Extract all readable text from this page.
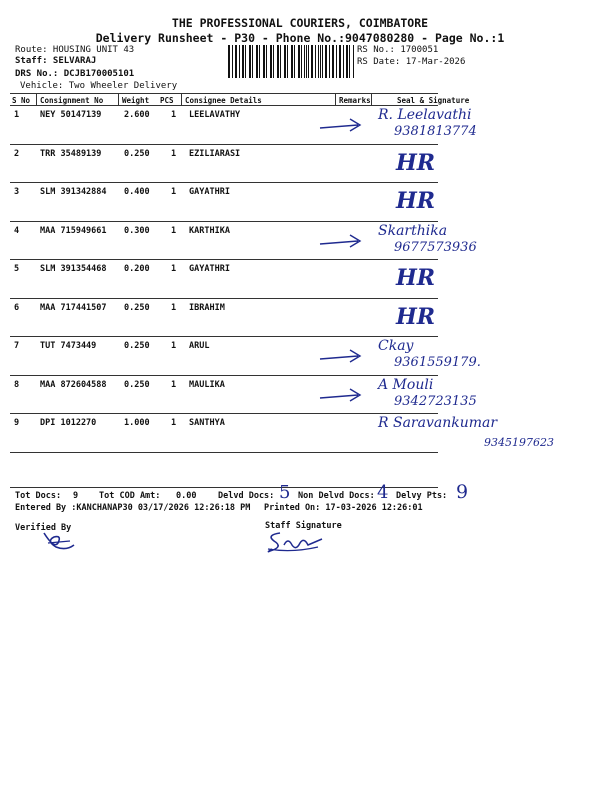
THE PROFESSIONAL COURIERS, COIMBATORE
Delivery Runsheet - P30 - Phone No.:9047080280 - Page No.:1
Route: HOUSING UNIT 43
Staff: SELVARAJ
DRS No.: DCJB170005101
Vehicle: Two Wheeler Delivery
RS No.: 1700051
RS Date: 17-Mar-2026
S No Consignment No	Weight PCS Consignee Details	Remarks	Seal & Signature
1 NEY 50147139	2.600	1 LEELAVATHY	R. Leelavathi
9381813774
2 TRR 35489139	0.250	1 EZILIARASI	HR
3 SLM 391342884 0.400	1 GAYATHRI	HR
4 MAA 715949661 0.300	1 KARTHIKA	Skarthika
9677573936
5 SLM 391354468 0.200	1 GAYATHRI	HR
6 MAA 717441507 0.250	1 IBRAHIM	HR
7 TUT 7473449	0.250	1 ARUL	Ckay
9361559179.
8 MAA 872604588 0.250	1 MAULIKA	A Mouli
9342723135
9 DPI 1012270	1.000	1 SANTHYA	R Saravankumar
9345197623
Tot Docs: 9 Tot COD Amt: 0.00	Delvd Docs: 5 Non Delvd Docs: 4 Delvy Pts: 9
Entered By :KANCHANAP30 03/17/2026 12:26:18 PM Printed On: 17-03-2026 12:26:01
Verified By	Staff Signature
